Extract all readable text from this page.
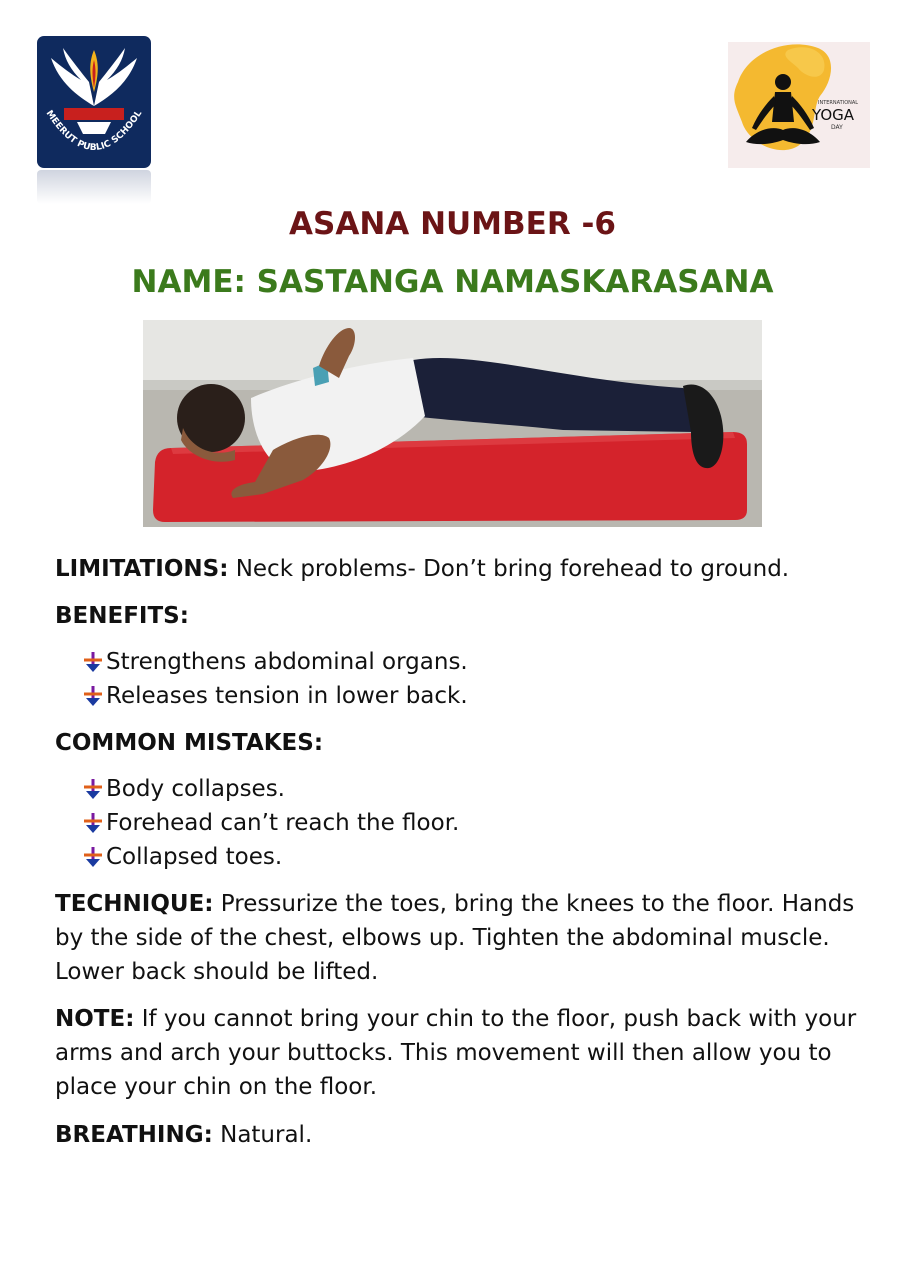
MEERUT PUBLIC SCHOOL
INTERNATIONAL
YOGA
DAY
ASANA NUMBER -6
NAME: SASTANGA NAMASKARASANA
LIMITATIONS: Neck problems- Don’t bring forehead to ground.
BENEFITS:
Strengthens abdominal organs.
Releases tension in lower back.
COMMON MISTAKES:
Body collapses.
Forehead can’t reach the floor.
Collapsed toes.
TECHNIQUE: Pressurize the toes, bring the knees to the floor. Hands by the side of the chest, elbows up. Tighten the abdominal muscle. Lower back should be lifted.
NOTE: If you cannot bring your chin to the floor, push back with your arms and arch your buttocks. This movement will then allow you to place your chin on the floor.
BREATHING: Natural.
